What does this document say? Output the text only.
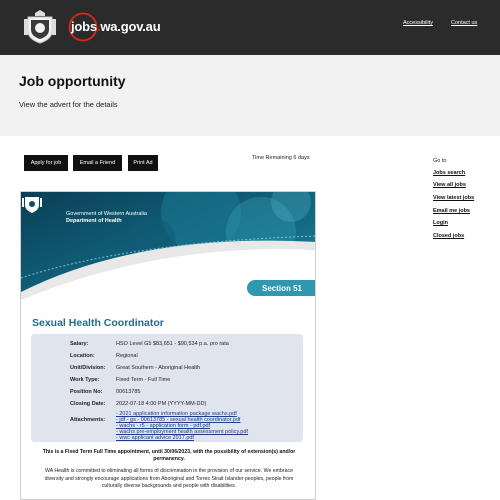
jobs.wa.gov.au	Accessibility	Contact us
Job opportunity
View the advert for the details
Apply for job	Email a Friend	Print Ad
Time Remaining 6 days	Go to
Jobs search
View all jobs
View latest jobs
Email me jobs
Login
Closed jobs
Government of Western Australia
Department of Health
Section 51
Sexual Health Coordinator
Salary:	HSO Level G5 $83,651 - $90,534 p.a. pro rata
Location:	Regional
Unit/Division: Great Southern - Aboriginal Health
Work Type:	Fixed Term - Full Time
Position No: 00613785
Closing Date: 2022-07-18 4:00 PM (YYYY-MM-DD)
Attachments:
- 2021 application information package wachs.pdf
- jdf - gs - 00613785 - sexual health coordinator.pdf
- wachs - r5 - application form - pdf.pdf
- wachs pre-employment health assessment policy.pdf
- wwc applicant advice 2017.pdf
This is a Fixed Term Full Time appointment, until 30/06/2023, with the possibility of extension(s) and/or permanency.
WA Health is committed to eliminating all forms of discrimination in the provision of our service. We embrace diversity and strongly encourage applications from Aboriginal and Torres Strait Islander peoples, people from culturally diverse backgrounds and people with disabilities.
